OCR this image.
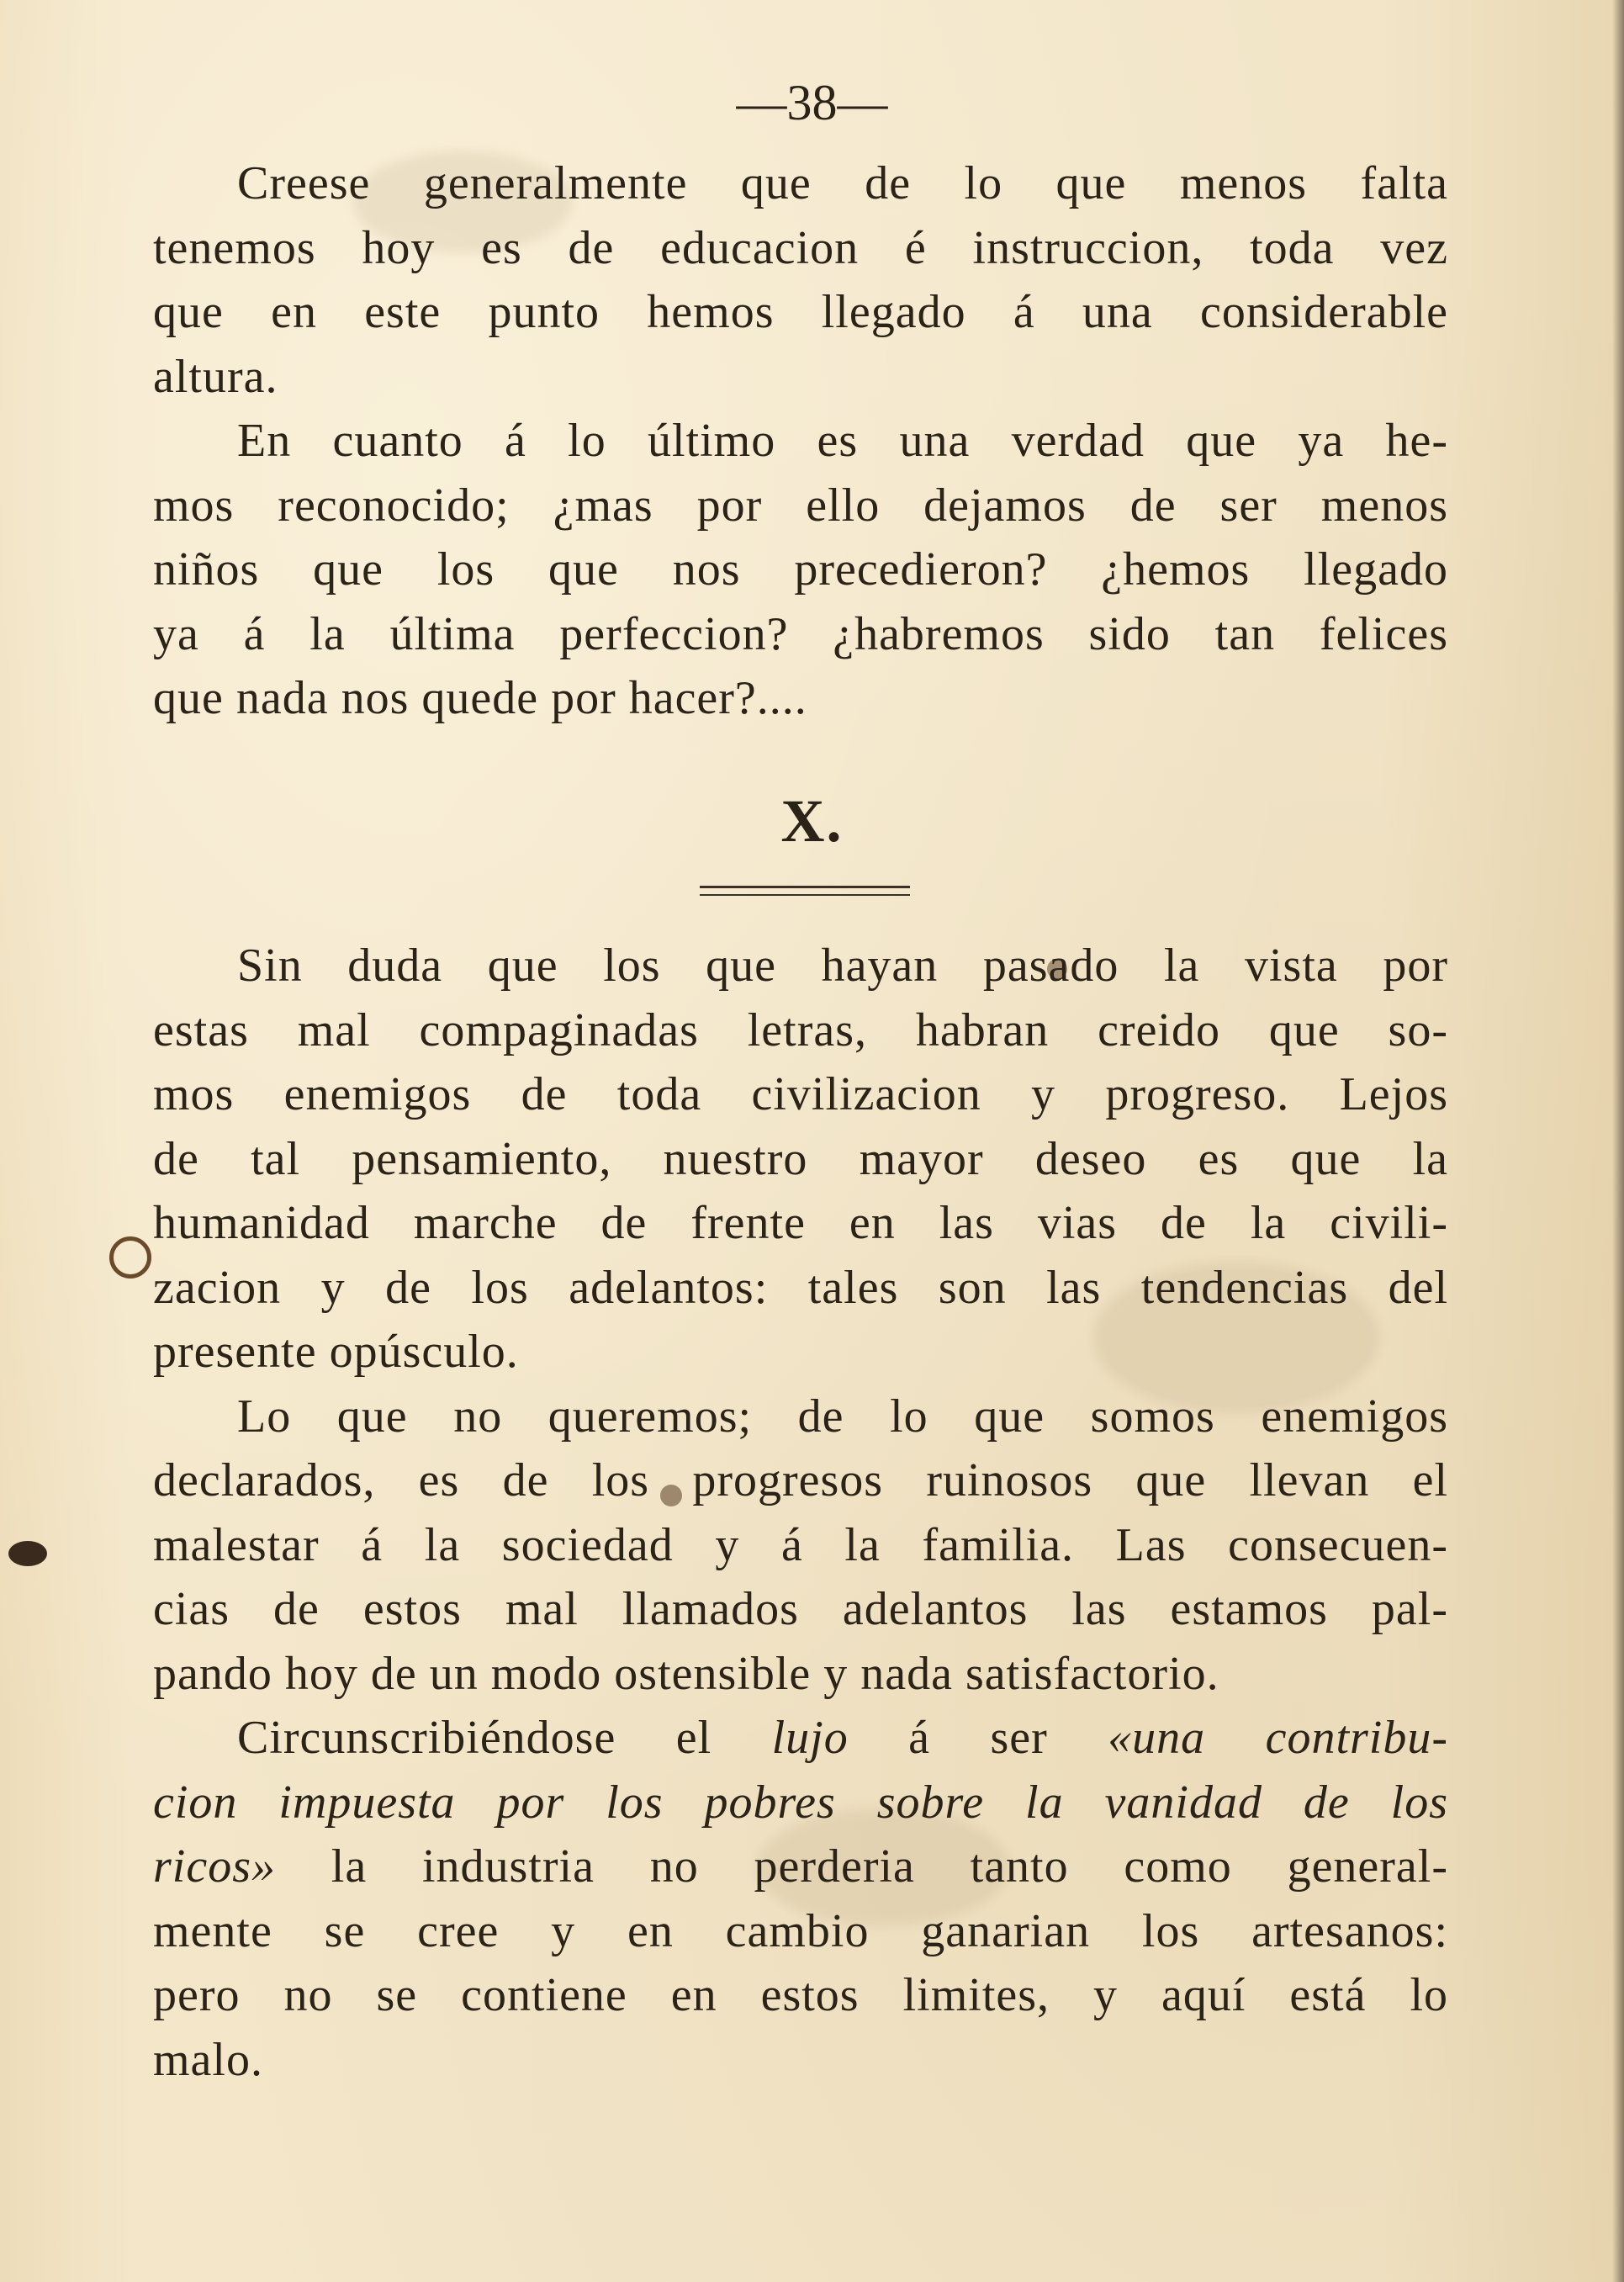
—38—
Creese generalmente que de lo que menos falta
tenemos hoy es de educacion é instruccion, toda vez
que en este punto hemos llegado á una considerable
altura.
En cuanto á lo último es una verdad que ya he-
mos reconocido; ¿mas por ello dejamos de ser menos
niños que los que nos precedieron? ¿hemos llegado
ya á la última perfeccion? ¿habremos sido tan felices
que nada nos quede por hacer?....
X.
Sin duda que los que hayan pasado la vista por
estas mal compaginadas letras, habran creido que so-
mos enemigos de toda civilizacion y progreso. Lejos
de tal pensamiento, nuestro mayor deseo es que la
humanidad marche de frente en las vias de la civili-
zacion y de los adelantos: tales son las tendencias del
presente opúsculo.
Lo que no queremos; de lo que somos enemigos
declarados, es de los progresos ruinosos que llevan el
malestar á la sociedad y á la familia. Las consecuen-
cias de estos mal llamados adelantos las estamos pal-
pando hoy de un modo ostensible y nada satisfactorio.
Circunscribiéndose el lujo á ser «una contribu-
cion impuesta por los pobres sobre la vanidad de los
ricos» la industria no perderia tanto como general-
mente se cree y en cambio ganarian los artesanos:
pero no se contiene en estos limites, y aquí está lo
malo.
